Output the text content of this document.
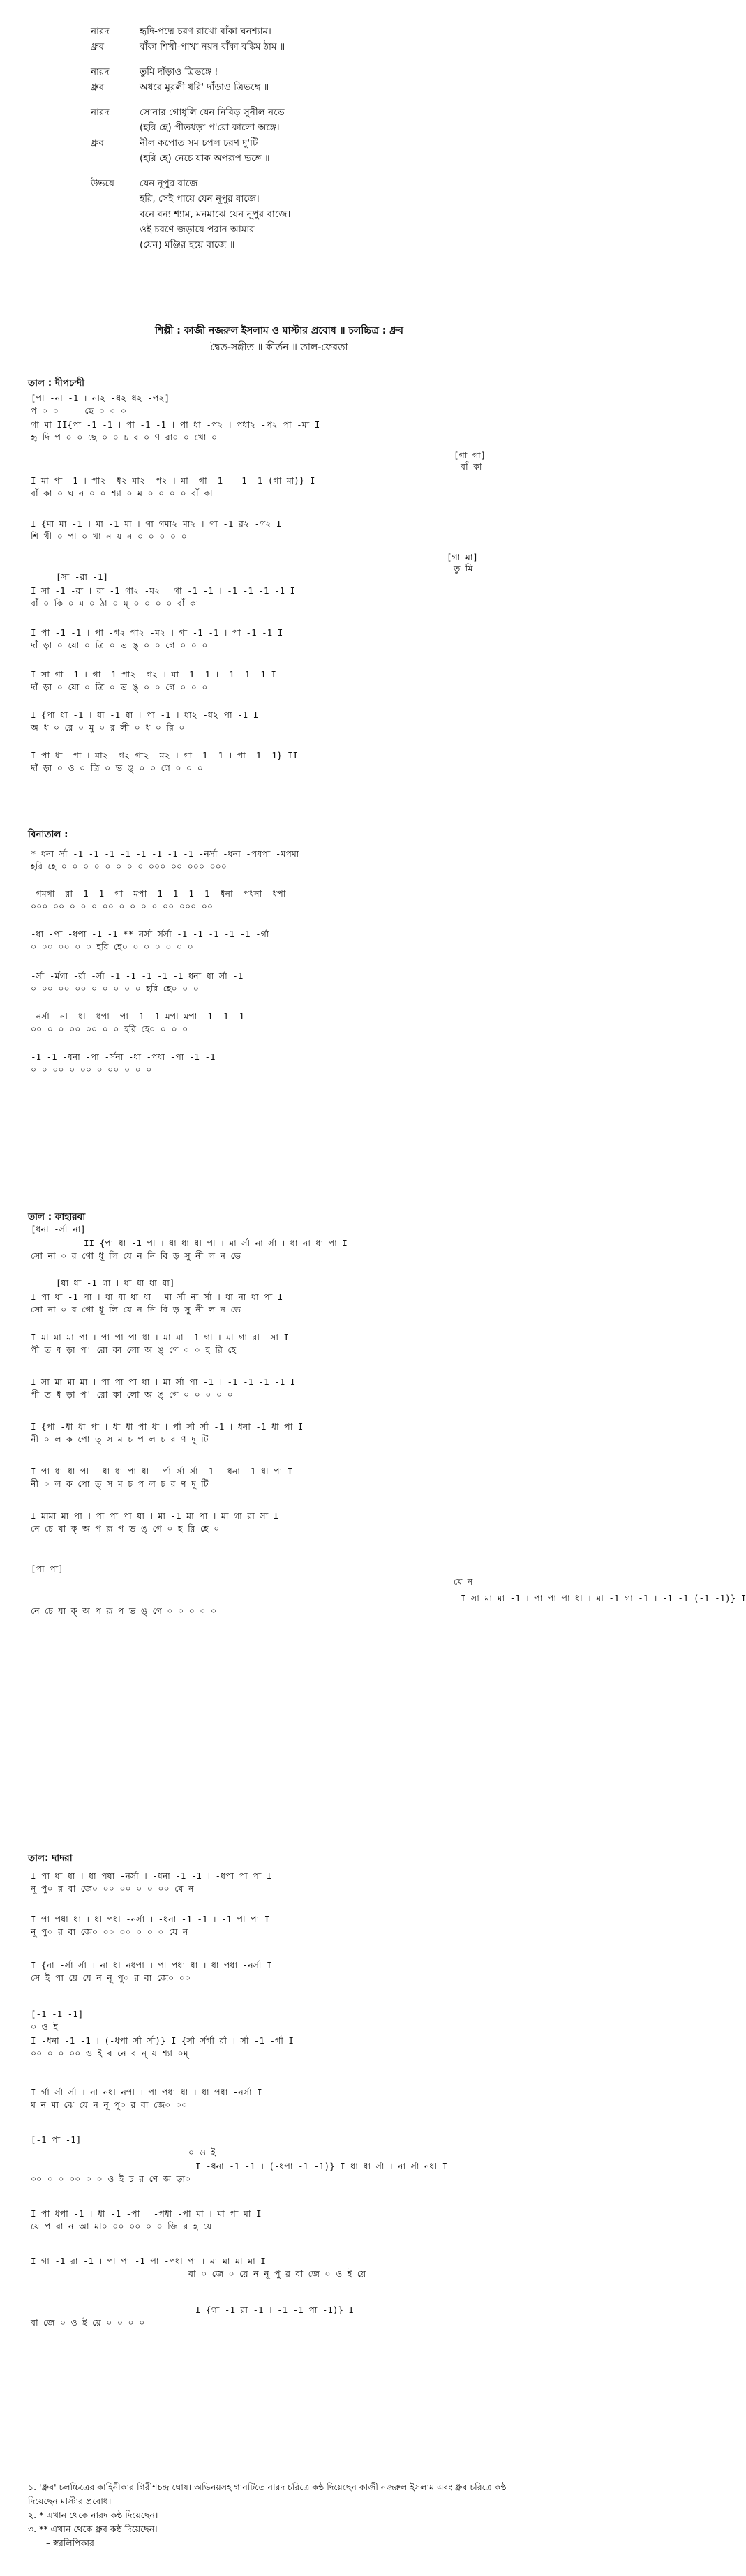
নারদ	হৃদি-পদ্মে চরণ রাখো বাঁকা ঘনশ্যাম।
ধ্রুব	বাঁকা শিখী-পাখা নয়ন বাঁকা বঙ্কিম ঠাম ॥
নারদ	তুমি দাঁড়াও ত্রিভঙ্গে !
ধ্রুব	অধরে মুরলী ধরি' দাঁড়াও ত্রিভঙ্গে ॥
নারদ	সোনার গোধূলি যেন নিবিড় সুনীল নভে
(হরি হে) পীতধড়া প'রো কালো অঙ্গে।
ধ্রুব	নীল কপোত সম চপল চরণ দু'টি
(হরি হে) নেচে যাক অপরূপ ভঙ্গে ॥
উভয়ে	যেন নূপুর বাজে–
হরি, সেই পায়ে যেন নূপুর বাজে।
বনে বন্য শ্যাম, মনমাঝে যেন নূপুর বাজে।
ওই চরণে জড়ায়ে পরান আমার
(যেন) মঞ্জির হয়ে বাজে ॥
শিল্পী : কাজী নজরুল ইসলাম ও মাস্টার প্রবোধ ॥ চলচ্চিত্র : ধ্রুব
দ্বৈত-সঙ্গীত ॥ কীর্তন ॥ তাল-ফেরতা
তাল : দীপচন্দী
বিনাতাল :
তাল : কাহারবা
তাল: দাদরা
[পা -না -1 । না২ -ধ২ ধ২ -প২]
প ০ ০     ছে ০ ০ ০
গা মা II{পা -1 -1 । পা -1 -1 । পা ধা -প২ । পধা২ -প২ পা -মা I
হৃ দি প ০ ০ ছে ০ ০ চ র ০ ণ রা০ ০ খো ০
[গা গা]
বাঁ কা
I মা পা -1 । পা২ -ধ২ মা২ -প২ । মা -গা -1 । -1 -1 (গা মা)} I
বাঁ কা ০ ঘ ন ০ ০ শ্যা ০ ম ০ ০ ০ ০ বাঁ কা
I {মা মা -1 । মা -1 মা । গা গমা২ মা২ । গা -1 র২ -গ২ I
শি খী ০ পা ০ খা ন য় ন ০ ০ ০ ০ ০
[গা মা]
তু মি
[সা -রা -1]
I সা -1 -রা । রা -1 গা২ -ম২ । গা -1 -1 । -1 -1 -1 -1 I
বাঁ ০ কি ০ ম ০ ঠা ০ ম্ ০ ০ ০ ০ বাঁ কা
I পা -1 -1 । পা -গ২ গা২ -ম২ । গা -1 -1 । পা -1 -1 I
দাঁ ড়া ০ যো ০ ত্রি ০ ভ ঙ্ ০ ০ গে ০ ০ ০
I সা গা -1 । গা -1 পা২ -গ২ । মা -1 -1 । -1 -1 -1 I
দাঁ ড়া ০ যো ০ ত্রি ০ ভ ঙ্ ০ ০ গে ০ ০ ০
I {পা ধা -1 । ধা -1 ধা । পা -1 । ধা২ -ধ২ পা -1 I
অ ধ ০ রে ০ মু ০ র লী ০ ধ ০ রি ০
I পা ধা -পা । মা২ -গ২ গা২ -ম২ । গা -1 -1 । পা -1 -1} II
দাঁ ড়া ০ ও ০ ত্রি ০ ভ ঙ্ ০ ০ গে ০ ০ ০
* ধনা র্সা -1 -1 -1 -1 -1 -1 -1 -1 -নর্সা -ধনা -পধপা -মপমা
হরি হে ০ ০ ০ ০ ০ ০ ০ ০ ০০০ ০০ ০০০ ০০০
-গমগা -রা -1 -1 -গা -মপা -1 -1 -1 -1 -ধনা -পধনা -ধপা
০০০ ০০ ০ ০ ০ ০০ ০ ০ ০ ০ ০০ ০০০ ০০
-ধা -পা -ধপা -1 -1 ** নর্সা র্সর্সা -1 -1 -1 -1 -1 -র্গা
০ ০০ ০০ ০ ০ হরি হে০ ০ ০ ০ ০ ০ ০
-র্সা -র্মগা -র্রা -র্সা -1 -1 -1 -1 -1 ধনা ধা র্সা -1
০ ০০ ০০ ০০ ০ ০ ০ ০ ০ হরি হে০ ০ ০
-নর্সা -না -ধা -ধপা -পা -1 -1 মপা মপা -1 -1 -1
০০ ০ ০ ০০ ০০ ০ ০ হরি হে০ ০ ০ ০
-1 -1 -ধনা -পা -র্সনা -ধা -পধা -পা -1 -1
০ ০ ০০ ০ ০০ ০ ০০ ০ ০ ০
[ধনা -র্সা না]
II {পা ধা -1 পা । ধা ধা ধা পা । মা র্সা না র্সা । ধা না ধা পা I
সো না ০ র গো ধূ লি যে ন নি বি ড় সু নী ল ন ভে
[ধা ধা -1 গা । ধা ধা ধা ধা]
I পা ধা -1 পা । ধা ধা ধা ধা । মা র্সা না র্সা । ধা না ধা পা I
সো না ০ র গো ধূ লি যে ন নি বি ড় সু নী ল ন ভে
I মা মা মা পা । পা পা পা ধা । মা মা -1 গা । মা গা রা -সা I
পী ত ধ ড়া প' রো কা লো অ ঙ্ গে ০ ০ হ রি হে
I সা মা মা মা । পা পা পা ধা । মা র্সা পা -1 । -1 -1 -1 -1 I
পী ত ধ ড়া প' রো কা লো অ ঙ্ গে ০ ০ ০ ০ ০
I {পা -ধা ধা পা । ধা ধা পা ধা । র্পা র্সা র্সা -1 । ধনা -1 ধা পা I
নী ০ ল ক পো ত্ স ম চ প ল চ র ণ দু টি
I পা ধা ধা পা । ধা ধা পা ধা । র্পা র্সা র্সা -1 । ধনা -1 ধা পা I
নী ০ ল ক পো ত্ স ম চ প ল চ র ণ দু টি
I মামা মা পা । পা পা পা ধা । মা -1 মা পা । মা গা রা সা I
নে চে যা ক্ অ প রূ প ভ ঙ্ গে ০ হ রি হে ০
[পা পা]
যে ন
I সা মা মা -1 । পা পা পা ধা । মা -1 গা -1 । -1 -1 (-1 -1)} I
নে চে যা ক্ অ প রূ প ভ ঙ্ গে ০ ০ ০ ০ ০
I পা ধা ধা । ধা পধা -নর্সা । -ধনা -1 -1 । -ধপা পা পা I
নূ পু০ র বা জে০ ০০ ০০ ০ ০ ০০ যে ন
I পা পধা ধা । ধা পধা -নর্সা । -ধনা -1 -1 । -1 পা পা I
নূ পু০ র বা জে০ ০০ ০০ ০ ০ ০ যে ন
I {না -র্সা র্সা । না ধা নধপা । পা পধা ধা । ধা পধা -নর্সা I
সে ই পা য়ে যে ন নূ পু০ র বা জে০ ০০
[-1 -1 -1]
০ ও ই
I -ধনা -1 -1 । (-ধপা র্সা র্সা)} I {র্সা র্সর্গা র্রা । র্সা -1 -র্গা I
০০ ০ ০ ০০ ও ই ব নে ব ন্ য শ্যা ০ম্
I র্গা র্সা র্সা । না নধা নপা । পা পধা ধা । ধা পধা -নর্সা I
ম ন মা ঝে যে ন নূ পু০ র বা জে০ ০০
[-1 পা -1]
০ ও ই
I -ধনা -1 -1 । (-ধপা -1 -1)} I ধা ধা র্সা । না র্সা নধা I
০০ ০ ০ ০০ ০ ০ ও ই চ র ণে জ ড়া০
I পা ধপা -1 । ধা -1 -পা । -পধা -পা মা । মা পা মা I
য়ে প রা ন আ মা০ ০০ ০০ ০ ০ জি র হ য়ে
I গা -1 রা -1 । পা পা -1 পা -পধা পা । মা মা মা মা I
বা ০ জে ০ য়ে ন নূ পু র বা জে ০ ও ই য়ে
I {গা -1 রা -1 । -1 -1 পা -1)} I
বা জে ০ ও ই য়ে ০ ০ ০ ০
১. 'ধ্রুব' চলচ্চিত্রের কাহিনীকার গিরীশচন্দ্র ঘোষ। অভিনয়সহ গানটিতে নারদ চরিত্রে কন্ঠ দিয়েছেন কাজী নজরুল ইসলাম এবং ধ্রুব চরিত্রে কন্ঠ দিয়েছেন মাস্টার প্রবোধ।
২. * এখান থেকে নারদ কন্ঠ দিয়েছেন।
৩. ** এখান থেকে ধ্রুব কন্ঠ দিয়েছেন।
– স্বরলিপিকার
